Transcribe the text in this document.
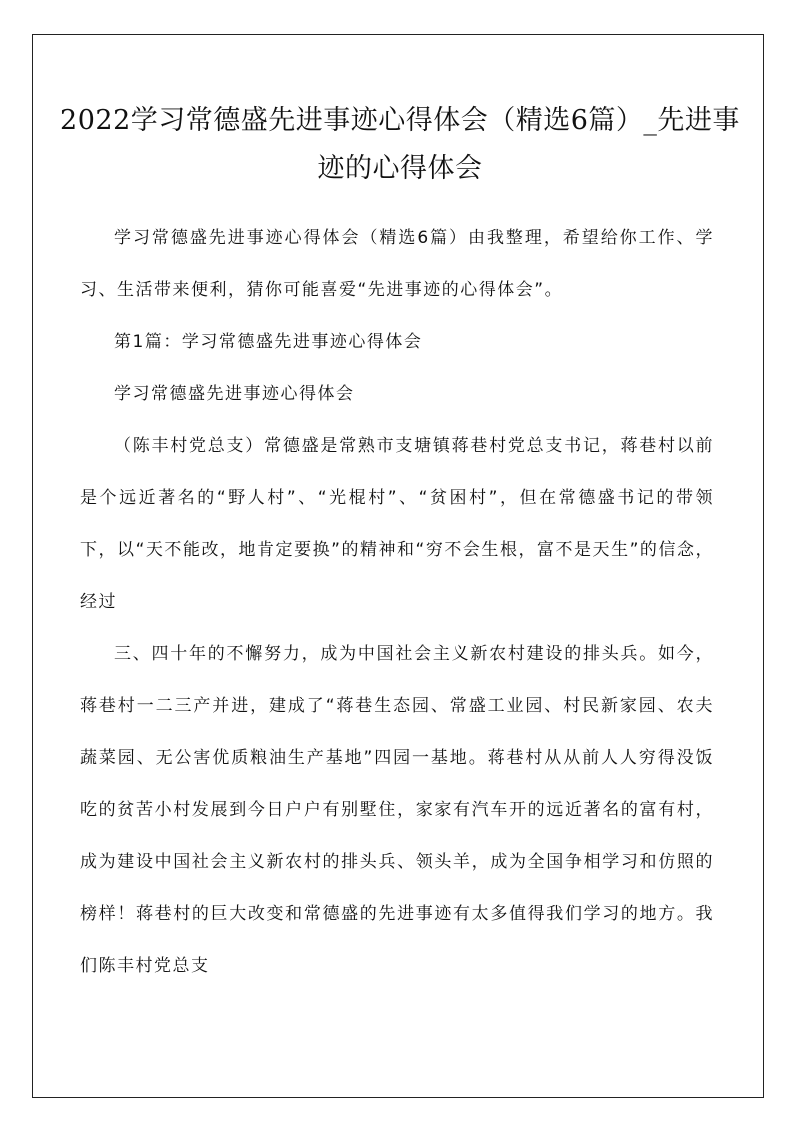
2022学习常德盛先进事迹心得体会（精选6篇）_先进事迹的心得体会

学习常德盛先进事迹心得体会（精选6篇）由我整理，希望给你工作、学习、生活带来便利，猜你可能喜爱“先进事迹的心得体会”。

第1篇：学习常德盛先进事迹心得体会

学习常德盛先进事迹心得体会

（陈丰村党总支）常德盛是常熟市支塘镇蒋巷村党总支书记，蒋巷村以前是个远近著名的“野人村”、“光棍村”、“贫困村”，但在常德盛书记的带领下，以“天不能改，地肯定要换”的精神和“穷不会生根，富不是天生”的信念，经过

三、四十年的不懈努力，成为中国社会主义新农村建设的排头兵。如今，蒋巷村一二三产并进，建成了“蒋巷生态园、常盛工业园、村民新家园、农夫蔬菜园、无公害优质粮油生产基地”四园一基地。蒋巷村从从前人人穷得没饭吃的贫苦小村发展到今日户户有别墅住，家家有汽车开的远近著名的富有村，成为建设中国社会主义新农村的排头兵、领头羊，成为全国争相学习和仿照的榜样！蒋巷村的巨大改变和常德盛的先进事迹有太多值得我们学习的地方。我们陈丰村党总支
